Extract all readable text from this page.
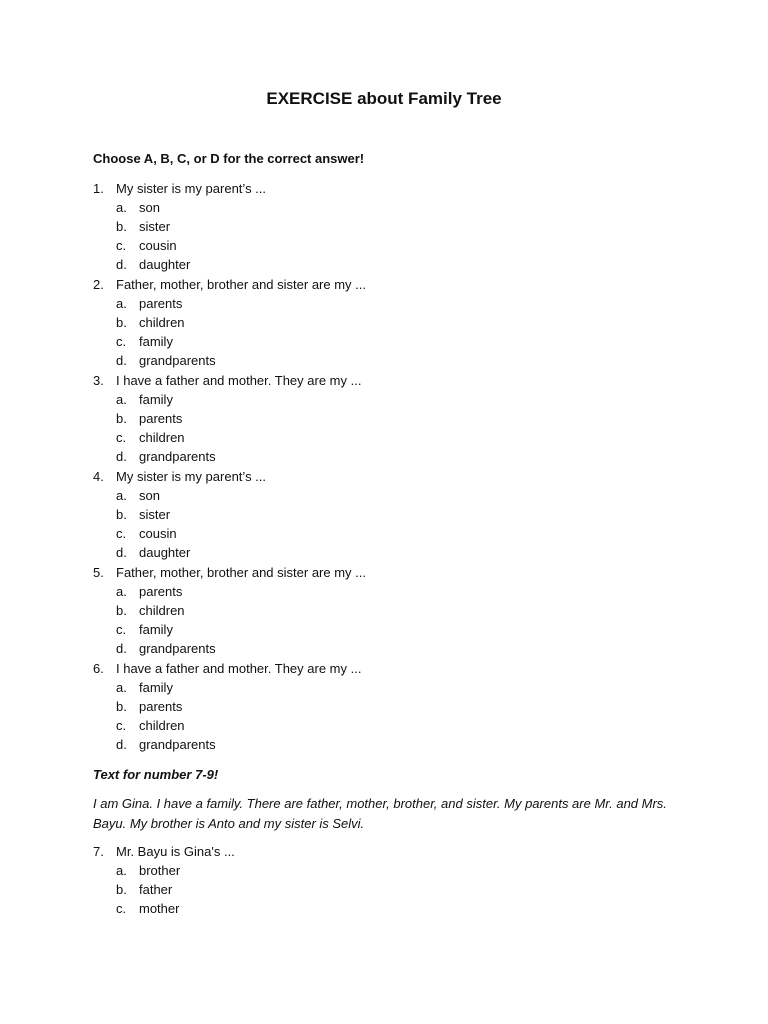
EXERCISE about Family Tree
Choose A, B, C, or D for the correct answer!
1. My sister is my parent’s ...
a. son
b. sister
c. cousin
d. daughter
2. Father, mother, brother and sister are my ...
a. parents
b. children
c. family
d. grandparents
3. I have a father and mother. They are my ...
a. family
b. parents
c. children
d. grandparents
4. My sister is my parent’s ...
a. son
b. sister
c. cousin
d. daughter
5. Father, mother, brother and sister are my ...
a. parents
b. children
c. family
d. grandparents
6. I have a father and mother. They are my ...
a. family
b. parents
c. children
d. grandparents
Text for number 7-9!
I am Gina. I have a family. There are father, mother, brother, and sister. My parents are Mr. and Mrs. Bayu. My brother is Anto and my sister is Selvi.
7. Mr. Bayu is Gina's ...
a. brother
b. father
c. mother
